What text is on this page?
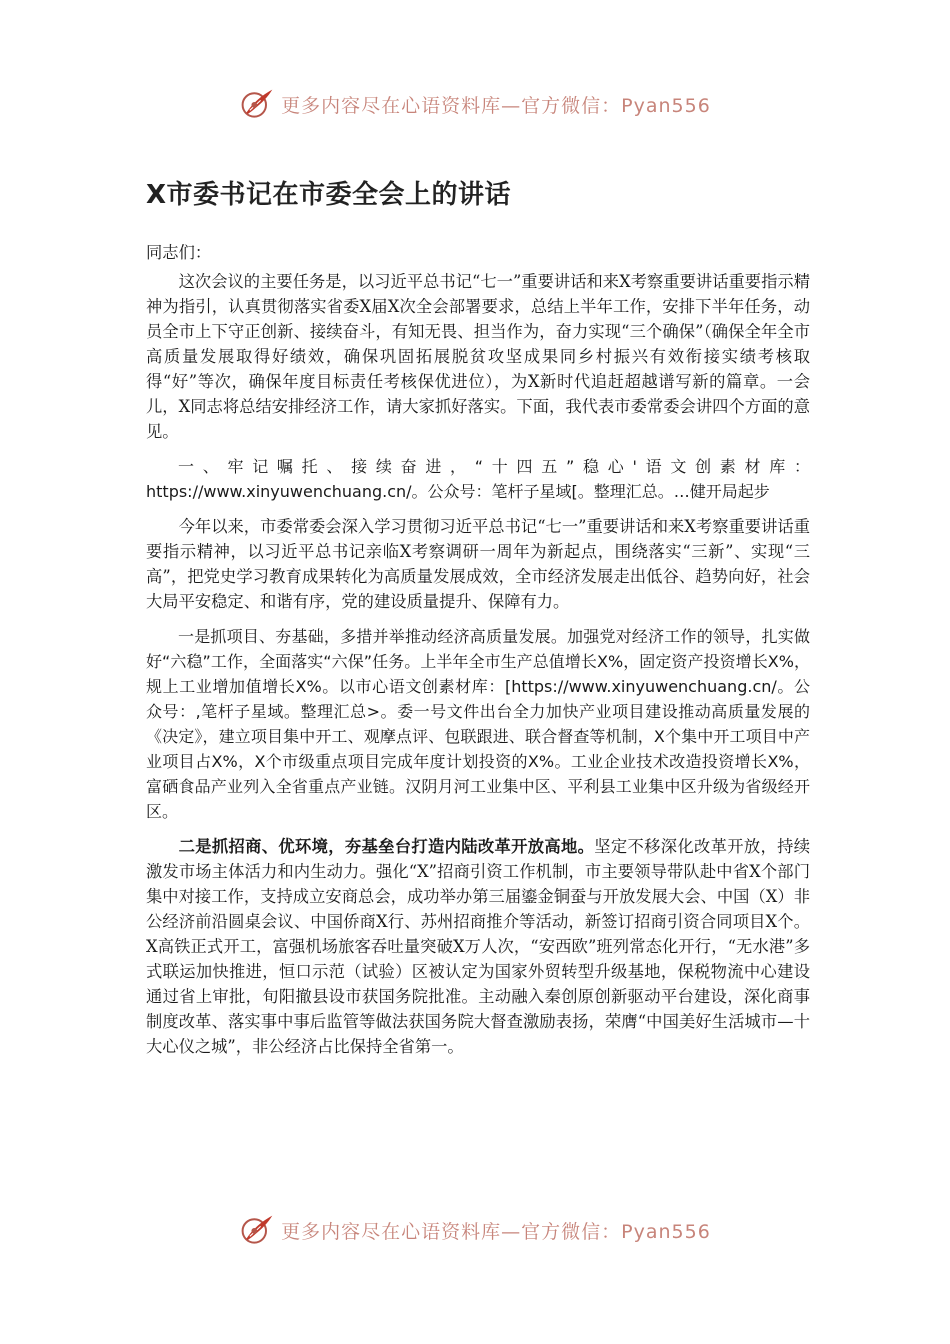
更多内容尽在心语资料库—官方微信：Pyan556
X市委书记在市委全会上的讲话

同志们：

这次会议的主要任务是，以习近平总书记“七一”重要讲话和来X考察重要讲话重要指示精神为指引，认真贯彻落实省委X届X次全会部署要求，总结上半年工作，安排下半年任务，动员全市上下守正创新、接续奋斗，有知无畏、担当作为，奋力实现“三个确保”（确保全年全市高质量发展取得好绩效，确保巩固拓展脱贫攻坚成果同乡村振兴有效衔接实绩考核取得“好”等次，确保年度目标责任考核保优进位），为X新时代追赶超越谱写新的篇章。一会儿，X同志将总结安排经济工作，请大家抓好落实。下面，我代表市委常委会讲四个方面的意见。

一、牢记嘱托、接续奋进，“十四五”稳心'语文创素材库：https://www.xinyuwenchuang.cn/。公众号：笔杆子星域[。整理汇总。…健开局起步

今年以来，市委常委会深入学习贯彻习近平总书记“七一”重要讲话和来X考察重要讲话重要指示精神，以习近平总书记亲临X考察调研一周年为新起点，围绕落实“三新”、实现“三高”，把党史学习教育成果转化为高质量发展成效，全市经济发展走出低谷、趋势向好，社会大局平安稳定、和谐有序，党的建设质量提升、保障有力。

一是抓项目、夯基础，多措并举推动经济高质量发展。加强党对经济工作的领导，扎实做好“六稳”工作，全面落实“六保”任务。上半年全市生产总值增长X%，固定资产投资增长X%，规上工业增加值增长X%。以市心语文创素材库：[https://www.xinyuwenchuang.cn/。公众号：,笔杆子星域。整理汇总>。委一号文件出台全力加快产业项目建设推动高质量发展的《决定》，建立项目集中开工、观摩点评、包联跟进、联合督查等机制，X个集中开工项目中产业项目占X%，X个市级重点项目完成年度计划投资的X%。工业企业技术改造投资增长X%，富硒食品产业列入全省重点产业链。汉阴月河工业集中区、平利县工业集中区升级为省级经开区。

二是抓招商、优环境，夯基垒台打造内陆改革开放高地。坚定不移深化改革开放，持续激发市场主体活力和内生动力。强化“X”招商引资工作机制，市主要领导带队赴中省X个部门集中对接工作，支持成立安商总会，成功举办第三届鎏金铜蚕与开放发展大会、中国（X）非公经济前沿圆桌会议、中国侨商X行、苏州招商推介等活动，新签订招商引资合同项目X个。X高铁正式开工，富强机场旅客吞吐量突破X万人次，“安西欧”班列常态化开行，“无水港”多式联运加快推进，恒口示范（试验）区被认定为国家外贸转型升级基地，保税物流中心建设通过省上审批，旬阳撤县设市获国务院批准。主动融入秦创原创新驱动平台建设，深化商事制度改革、落实事中事后监管等做法获国务院大督查激励表扬，荣膺“中国美好生活城市—十大心仪之城”，非公经济占比保持全省第一。

更多内容尽在心语资料库—官方微信：Pyan556
